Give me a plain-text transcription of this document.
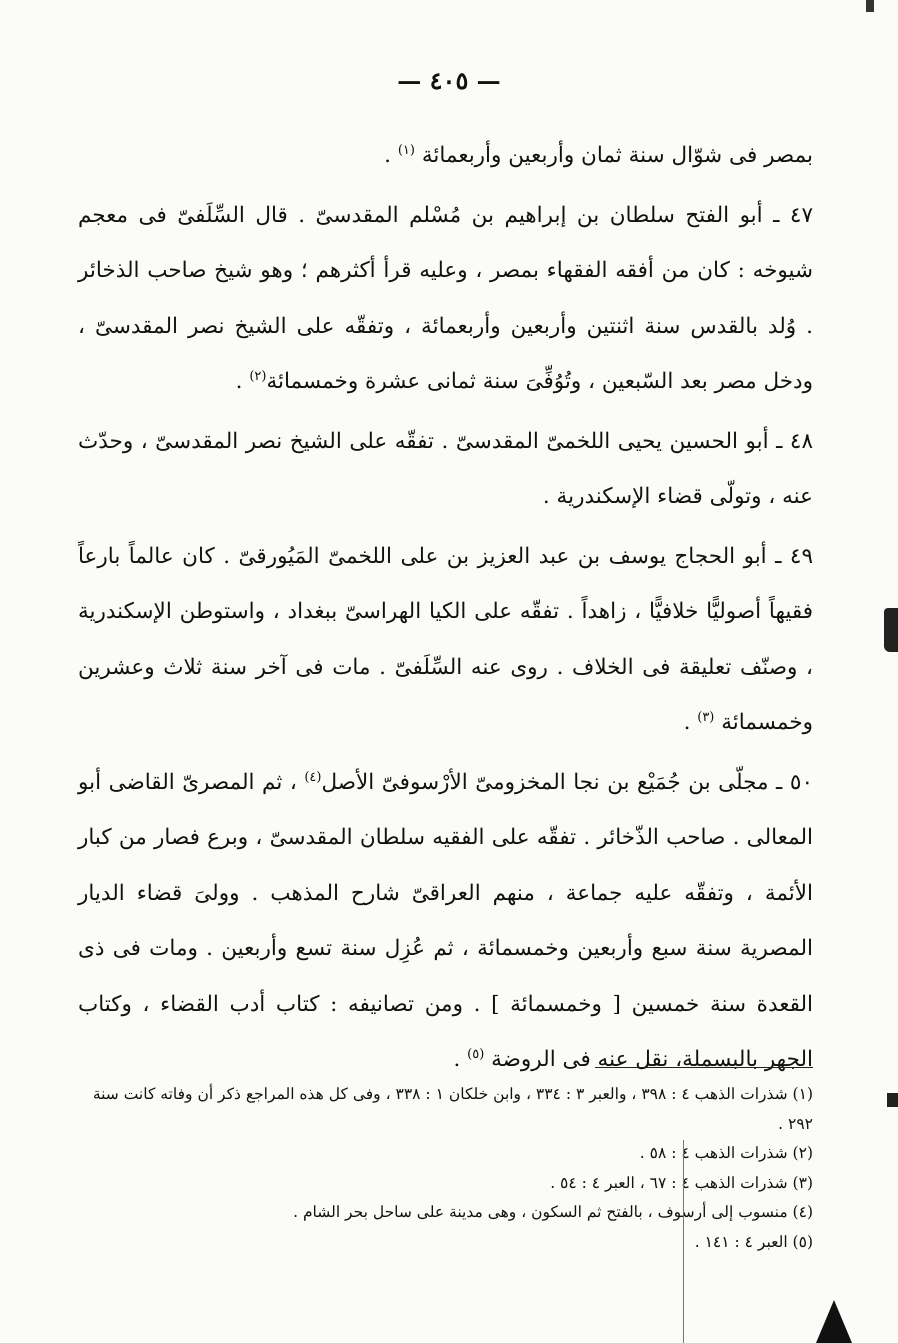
— ٤٠٥ —

بمصر فى شوّال سنة ثمان وأربعين وأربعمائة $^{(١)}$ .

٤٧ ـ أبو الفتح سلطان بن إبراهيم بن مُسْلم المقدسىّ . قال السِّلَفىّ فى معجم شيوخه : كان من أفقه الفقهاء بمصر ، وعليه قرأ أكثرهم ؛ وهو شيخ صاحب الذخائر . وُلد بالقدس سنة اثنتين وأربعين وأربعمائة ، وتفقّه على الشيخ نصر المقدسىّ ، ودخل مصر بعد السّبعين ، وتُوُفِّىَ سنة ثمانى عشرة وخمسمائة$^{(٢)}$ .

٤٨ ـ أبو الحسين يحيى اللخمىّ المقدسىّ . تفقّه على الشيخ نصر المقدسىّ ، وحدّث عنه ، وتولّى قضاء الإسكندرية .

٤٩ ـ أبو الحجاج يوسف بن عبد العزيز بن على اللخمىّ المَيُورقىّ . كان عالماً بارعاً فقيهاً أصوليًّا خلافيًّا ، زاهداً . تفقّه على الكيا الهراسىّ ببغداد ، واستوطن الإسكندرية ، وصنّف تعليقة فى الخلاف . روى عنه السِّلَفىّ . مات فى آخر سنة ثلاث وعشرين وخمسمائة $^{(٣)}$ .

٥٠ ـ مجلّى بن جُمَيْع بن نجا المخزومىّ الأرْسوفىّ الأصل$^{(٤)}$ ، ثم المصرىّ القاضى أبو المعالى . صاحب الذّخائر . تفقّه على الفقيه سلطان المقدسىّ ، وبرع فصار من كبار الأئمة ، وتفقّه عليه جماعة ، منهم العراقىّ شارح المذهب . وولىَ قضاء الديار المصرية سنة سبع وأربعين وخمسمائة ، ثم عُزِل سنة تسع وأربعين . ومات فى ذى القعدة سنة خمسين [ وخمسمائة ] . ومن تصانيفه : كتاب أدب القضاء ، وكتاب الجهر بالبسملة، نقل عنه فى الروضة $^{(٥)}$ .

(١) شذرات الذهب ٤ : ٣٩٨ ، والعبر ٣ : ٣٣٤ ، وابن خلكان ١ : ٣٣٨ ، وفى كل هذه المراجع ذكر أن وفاته كانت سنة ٢٩٢ .

(٢) شذرات الذهب ٤ : ٥٨ .

(٣) شذرات الذهب ٤ : ٦٧ ، العبر ٤ : ٥٤ .

(٤) منسوب إلى أرسوف ، بالفتح ثم السكون ، وهى مدينة على ساحل بحر الشام .

(٥) العبر ٤ : ١٤١ .
